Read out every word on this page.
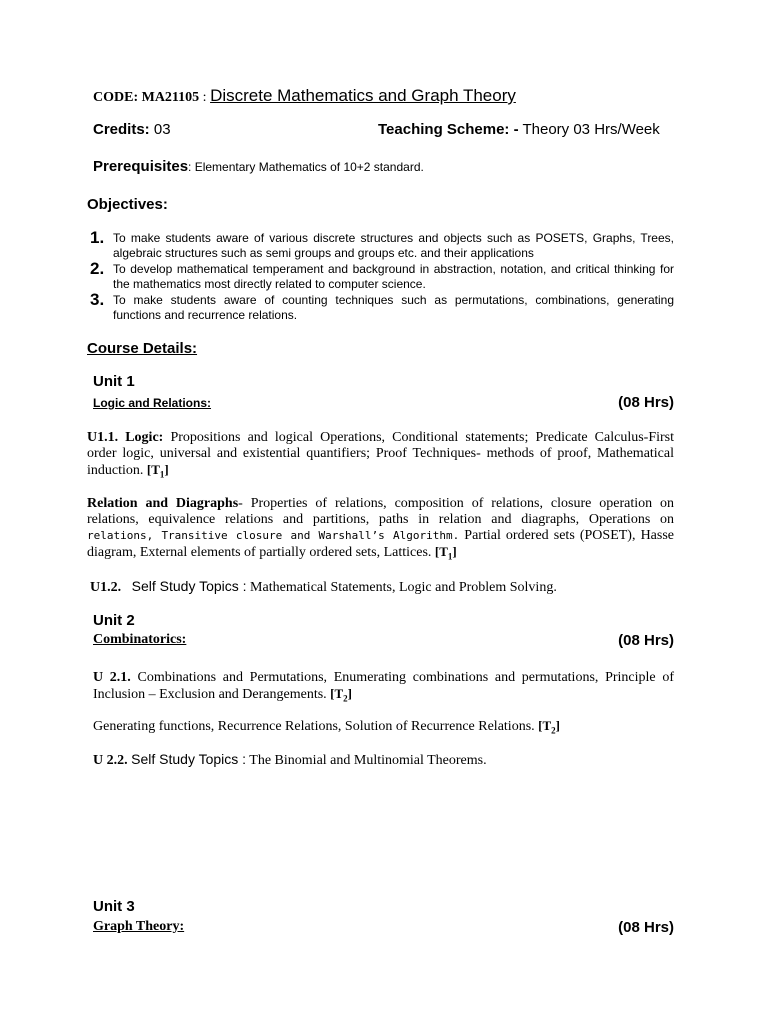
CODE: MA21105 : Discrete Mathematics and Graph Theory
Credits: 03	Teaching Scheme: - Theory 03 Hrs/Week
Prerequisites: Elementary Mathematics of 10+2 standard.
Objectives:
1. To make students aware of various discrete structures and objects such as POSETS, Graphs, Trees, algebraic structures such as semi groups and groups etc. and their applications
2. To develop mathematical temperament and background in abstraction, notation, and critical thinking for the mathematics most directly related to computer science.
3. To make students aware of counting techniques such as permutations, combinations, generating functions and recurrence relations.
Course Details:
Unit 1
Logic and Relations:	(08 Hrs)
U1.1. Logic: Propositions and logical Operations, Conditional statements; Predicate Calculus-First order logic, universal and existential quantifiers; Proof Techniques- methods of proof, Mathematical induction. $[T_1]$
Relation and Diagraphs- Properties of relations, composition of relations, closure operation on relations, equivalence relations and partitions, paths in relation and diagraphs, Operations on relations, Transitive closure and Warshall’s Algorithm. Partial ordered sets (POSET), Hasse diagram, External elements of partially ordered sets, Lattices. $[T_1]$
U1.2. Self Study Topics : Mathematical Statements, Logic and Problem Solving.
Unit 2
Combinatorics:	(08 Hrs)
U 2.1. Combinations and Permutations, Enumerating combinations and permutations, Principle of Inclusion – Exclusion and Derangements. $[T_2]$
Generating functions, Recurrence Relations, Solution of Recurrence Relations. $[T_2]$
U 2.2. Self Study Topics : The Binomial and Multinomial Theorems.
Unit 3
Graph Theory:	(08 Hrs)
